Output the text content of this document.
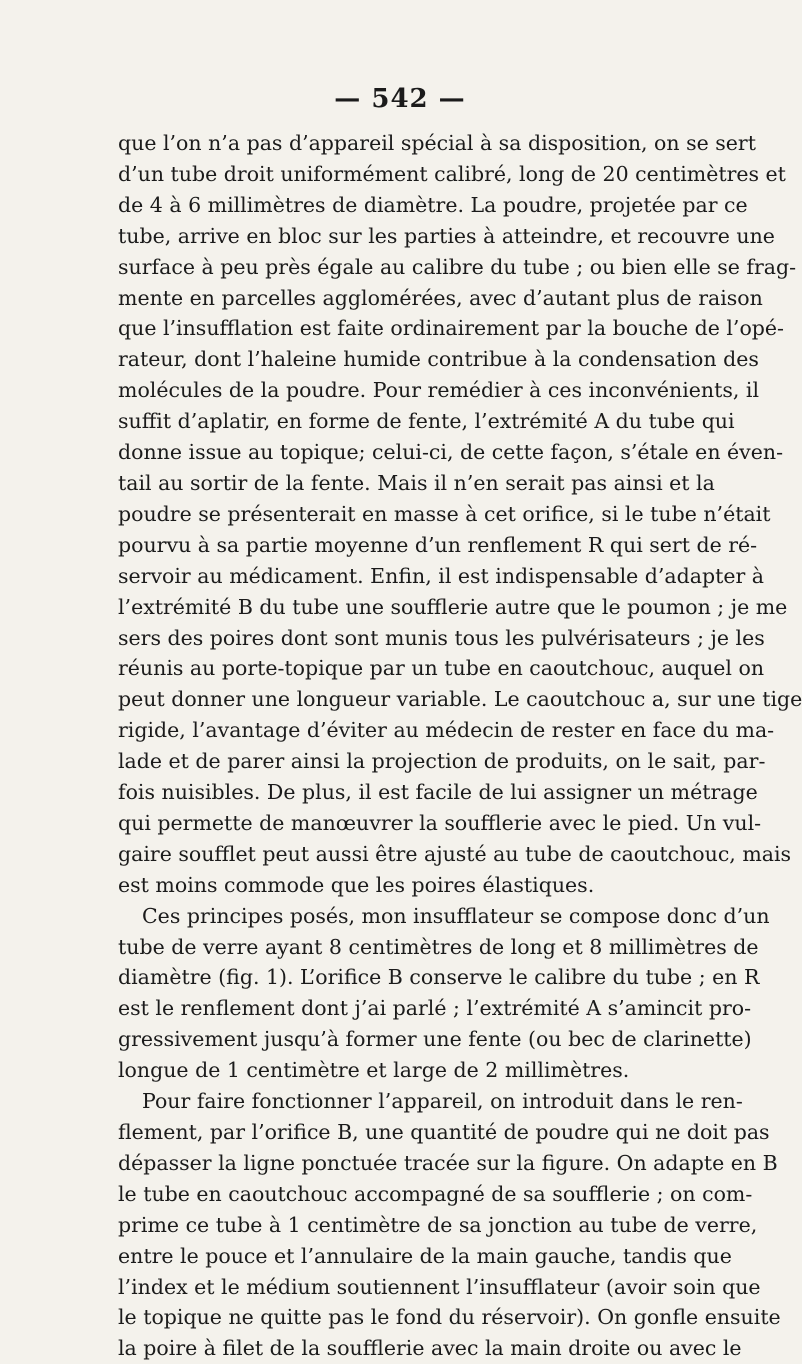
— 542 —

que l’on n’a pas d’appareil spécial à sa disposition, on se sert
d’un tube droit uniformément calibré, long de 20 centimètres et
de 4 à 6 millimètres de diamètre. La poudre, projetée par ce
tube, arrive en bloc sur les parties à atteindre, et recouvre une
surface à peu près égale au calibre du tube ; ou bien elle se frag-
mente en parcelles agglomérées, avec d’autant plus de raison
que l’insufflation est faite ordinairement par la bouche de l’opé-
rateur, dont l’haleine humide contribue à la condensation des
molécules de la poudre. Pour remédier à ces inconvénients, il
suffit d’aplatir, en forme de fente, l’extrémité A du tube qui
donne issue au topique; celui-ci, de cette façon, s’étale en éven-
tail au sortir de la fente. Mais il n’en serait pas ainsi et la
poudre se présenterait en masse à cet orifice, si le tube n’était
pourvu à sa partie moyenne d’un renflement R qui sert de ré-
servoir au médicament. Enfin, il est indispensable d’adapter à
l’extrémité B du tube une soufflerie autre que le poumon ; je me
sers des poires dont sont munis tous les pulvérisateurs ; je les
réunis au porte-topique par un tube en caoutchouc, auquel on
peut donner une longueur variable. Le caoutchouc a, sur une tige
rigide, l’avantage d’éviter au médecin de rester en face du ma-
lade et de parer ainsi la projection de produits, on le sait, par-
fois nuisibles. De plus, il est facile de lui assigner un métrage
qui permette de manœuvrer la soufflerie avec le pied. Un vul-
gaire soufflet peut aussi être ajusté au tube de caoutchouc, mais
est moins commode que les poires élastiques.

Ces principes posés, mon insufflateur se compose donc d’un
tube de verre ayant 8 centimètres de long et 8 millimètres de
diamètre (fig. 1). L’orifice B conserve le calibre du tube ; en R
est le renflement dont j’ai parlé ; l’extrémité A s’amincit pro-
gressivement jusqu’à former une fente (ou bec de clarinette)
longue de 1 centimètre et large de 2 millimètres.

Pour faire fonctionner l’appareil, on introduit dans le ren-
flement, par l’orifice B, une quantité de poudre qui ne doit pas
dépasser la ligne ponctuée tracée sur la figure. On adapte en B
le tube en caoutchouc accompagné de sa soufflerie ; on com-
prime ce tube à 1 centimètre de sa jonction au tube de verre,
entre le pouce et l’annulaire de la main gauche, tandis que
l’index et le médium soutiennent l’insufflateur (avoir soin que
le topique ne quitte pas le fond du réservoir). On gonfle ensuite
la poire à filet de la soufflerie avec la main droite ou avec le
